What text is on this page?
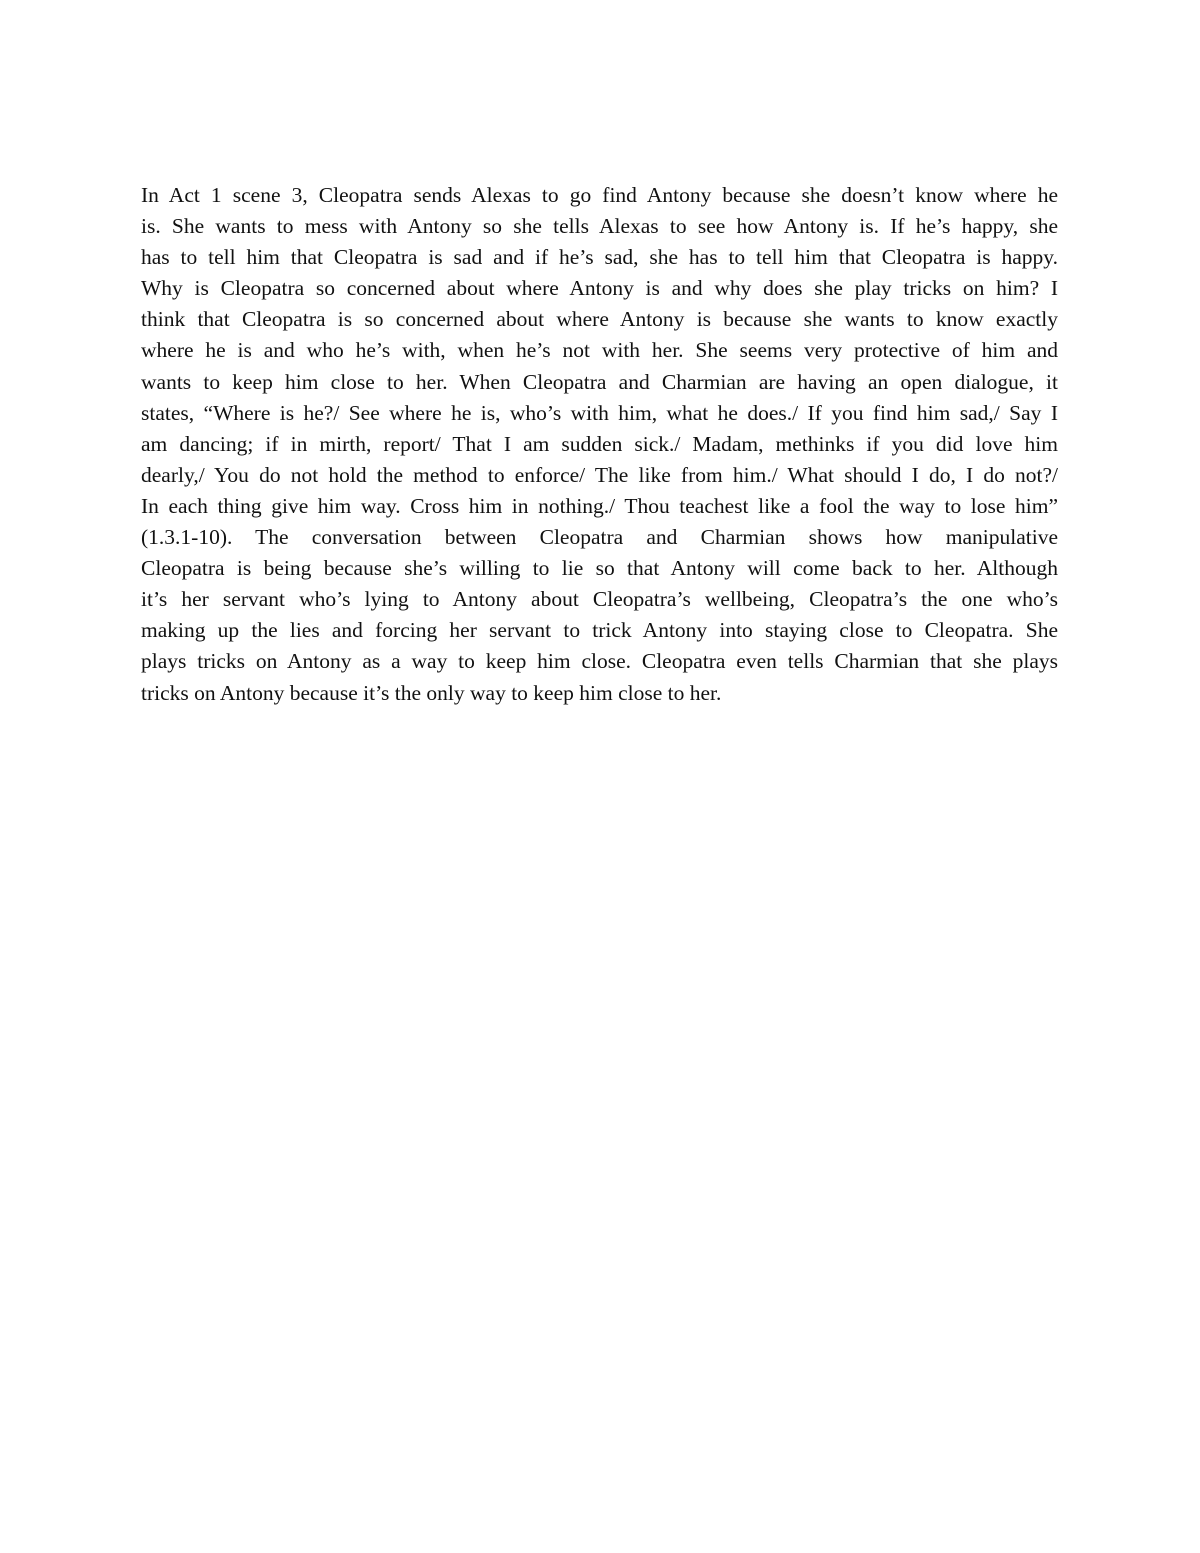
In Act 1 scene 3, Cleopatra sends Alexas to go find Antony because she doesn’t know where he
is. She wants to mess with Antony so she tells Alexas to see how Antony is. If he’s happy, she
has to tell him that Cleopatra is sad and if he’s sad, she has to tell him that Cleopatra is happy.
Why is Cleopatra so concerned about where Antony is and why does she play tricks on him? I
think that Cleopatra is so concerned about where Antony is because she wants to know exactly
where he is and who he’s with, when he’s not with her. She seems very protective of him and
wants to keep him close to her. When Cleopatra and Charmian are having an open dialogue, it
states, “Where is he?/ See where he is, who’s with him, what he does./ If you find him sad,/ Say I
am dancing; if in mirth, report/ That I am sudden sick./ Madam, methinks if you did love him
dearly,/ You do not hold the method to enforce/ The like from him./ What should I do, I do not?/
In each thing give him way. Cross him in nothing./ Thou teachest like a fool the way to lose him”
(1.3.1-10). The conversation between Cleopatra and Charmian shows how manipulative
Cleopatra is being because she’s willing to lie so that Antony will come back to her. Although
it’s her servant who’s lying to Antony about Cleopatra’s wellbeing, Cleopatra’s the one who’s
making up the lies and forcing her servant to trick Antony into staying close to Cleopatra. She
plays tricks on Antony as a way to keep him close. Cleopatra even tells Charmian that she plays
tricks on Antony because it’s the only way to keep him close to her.
